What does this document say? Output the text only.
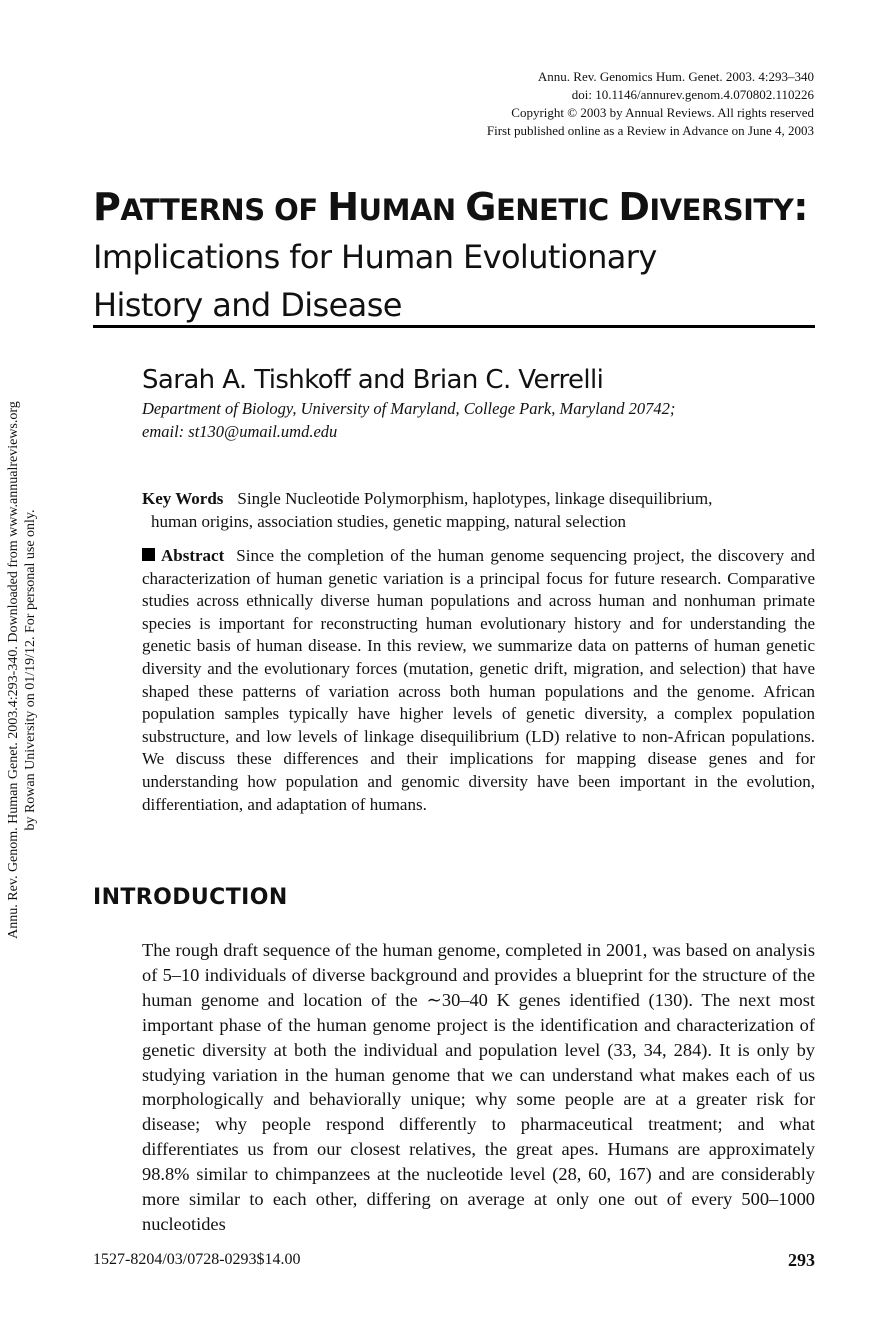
Annu. Rev. Genom. Human Genet. 2003.4:293-340. Downloaded from www.annualreviews.org by Rowan University on 01/19/12. For personal use only.
Annu. Rev. Genomics Hum. Genet. 2003. 4:293–340
doi: 10.1146/annurev.genom.4.070802.110226
Copyright © 2003 by Annual Reviews. All rights reserved
First published online as a Review in Advance on June 4, 2003
PATTERNS OF HUMAN GENETIC DIVERSITY:
Implications for Human Evolutionary
History and Disease
Sarah A. Tishkoff and Brian C. Verrelli
Department of Biology, University of Maryland, College Park, Maryland 20742;
email: st130@umail.umd.edu
Key Words Single Nucleotide Polymorphism, haplotypes, linkage disequilibrium,
human origins, association studies, genetic mapping, natural selection
Abstract Since the completion of the human genome sequencing project, the discovery and characterization of human genetic variation is a principal focus for future research. Comparative studies across ethnically diverse human populations and across human and nonhuman primate species is important for reconstructing human evolutionary history and for understanding the genetic basis of human disease. In this review, we summarize data on patterns of human genetic diversity and the evolutionary forces (mutation, genetic drift, migration, and selection) that have shaped these patterns of variation across both human populations and the genome. African population samples typically have higher levels of genetic diversity, a complex population substructure, and low levels of linkage disequilibrium (LD) relative to non-African populations. We discuss these differences and their implications for mapping disease genes and for understanding how population and genomic diversity have been important in the evolution, differentiation, and adaptation of humans.
INTRODUCTION
The rough draft sequence of the human genome, completed in 2001, was based on analysis of 5–10 individuals of diverse background and provides a blueprint for the structure of the human genome and location of the ∼30–40 K genes identified (130). The next most important phase of the human genome project is the identification and characterization of genetic diversity at both the individual and population level (33, 34, 284). It is only by studying variation in the human genome that we can understand what makes each of us morphologically and behaviorally unique; why some people are at a greater risk for disease; why people respond differently to pharmaceutical treatment; and what differentiates us from our closest relatives, the great apes. Humans are approximately 98.8% similar to chimpanzees at the nucleotide level (28, 60, 167) and are considerably more similar to each other, differing on average at only one out of every 500–1000 nucleotides
1527-8204/03/0728-0293$14.00	293
